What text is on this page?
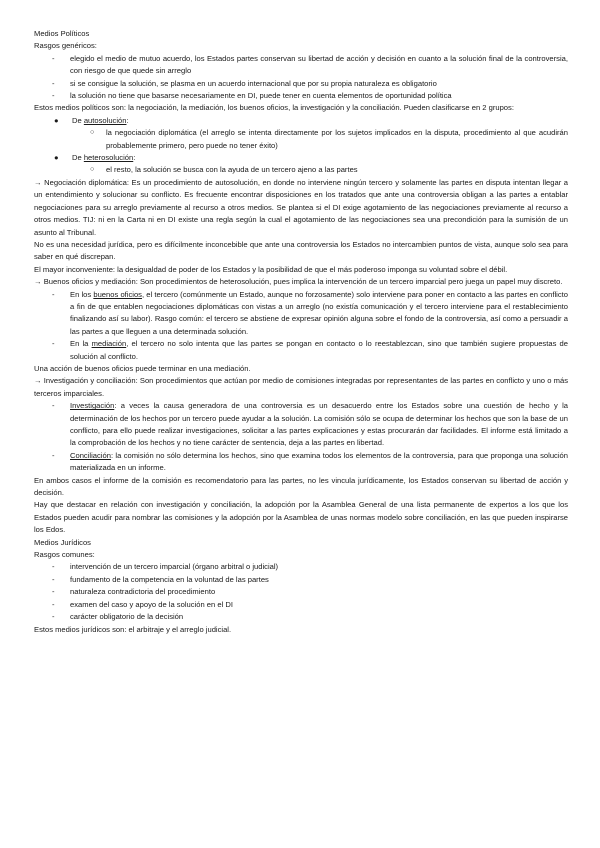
Medios Políticos

Rasgos genéricos:

- elegido el medio de mutuo acuerdo, los Estados partes conservan su libertad de acción y decisión en cuanto a la solución final de la controversia, con riesgo de que quede sin arreglo
- si se consigue la solución, se plasma en un acuerdo internacional que por su propia naturaleza es obligatorio
- la solución no tiene que basarse necesariamente en DI, puede tener en cuenta elementos de oportunidad política

Estos medios políticos son: la negociación, la mediación, los buenos oficios, la investigación y la conciliación. Pueden clasificarse en 2 grupos:

● De autosolución:
○ la negociación diplomática (el arreglo se intenta directamente por los sujetos implicados en la disputa, procedimiento al que acudirán probablemente primero, pero puede no tener éxito)
● De heterosolución:
○ el resto, la solución se busca con la ayuda de un tercero ajeno a las partes

→ Negociación diplomática: Es un procedimiento de autosolución, en donde no interviene ningún tercero y solamente las partes en disputa intentan llegar a un entendimiento y solucionar su conflicto. Es frecuente encontrar disposiciones en los tratados que ante una controversia obligan a las partes a entablar negociaciones para su arreglo previamente al recurso a otros medios. Se plantea si el DI exige agotamiento de las negociaciones previamente al recurso a otros medios. TIJ: ni en la Carta ni en DI existe una regla según la cual el agotamiento de las negociaciones sea una precondición para la sumisión de un asunto al Tribunal.

No es una necesidad jurídica, pero es difícilmente inconcebible que ante una controversia los Estados no intercambien puntos de vista, aunque solo sea para saber en qué discrepan.

El mayor inconveniente: la desigualdad de poder de los Estados y la posibilidad de que el más poderoso imponga su voluntad sobre el débil.

→ Buenos oficios y mediación: Son procedimientos de heterosolución, pues implica la intervención de un tercero imparcial pero juega un papel muy discreto.

- En los buenos oficios, el tercero (comúnmente un Estado, aunque no forzosamente) solo interviene para poner en contacto a las partes en conflicto a fin de que entablen negociaciones diplomáticas con vistas a un arreglo (no existía comunicación y el tercero interviene para el restablecimiento finalizando así su labor). Rasgo común: el tercero se abstiene de expresar opinión alguna sobre el fondo de la controversia, así como a persuadir a las partes a que lleguen a una determinada solución.
- En la mediación, el tercero no solo intenta que las partes se pongan en contacto o lo reestablezcan, sino que también sugiere propuestas de solución al conflicto.

Una acción de buenos oficios puede terminar en una mediación.

→ Investigación y conciliación: Son procedimientos que actúan por medio de comisiones integradas por representantes de las partes en conflicto y uno o más terceros imparciales.

- Investigación: a veces la causa generadora de una controversia es un desacuerdo entre los Estados sobre una cuestión de hecho y la determinación de los hechos por un tercero puede ayudar a la solución. La comisión sólo se ocupa de determinar los hechos que son la base de un conflicto, para ello puede realizar investigaciones, solicitar a las partes explicaciones y estas procurarán dar facilidades. El informe está limitado a la comprobación de los hechos y no tiene carácter de sentencia, deja a las partes en libertad.
- Conciliación: la comisión no sólo determina los hechos, sino que examina todos los elementos de la controversia, para que proponga una solución materializada en un informe.

En ambos casos el informe de la comisión es recomendatorio para las partes, no les vincula jurídicamente, los Estados conservan su libertad de acción y decisión.

Hay que destacar en relación con investigación y conciliación, la adopción por la Asamblea General de una lista permanente de expertos a los que los Estados pueden acudir para nombrar las comisiones y la adopción por la Asamblea de unas normas modelo sobre conciliación, en las que pueden inspirarse los Edos.

Medios Jurídicos

Rasgos comunes:

- intervención de un tercero imparcial (órgano arbitral o judicial)
- fundamento de la competencia en la voluntad de las partes
- naturaleza contradictoria del procedimiento
- examen del caso y apoyo de la solución en el DI
- carácter obligatorio de la decisión

Estos medios jurídicos son: el arbitraje y el arreglo judicial.
